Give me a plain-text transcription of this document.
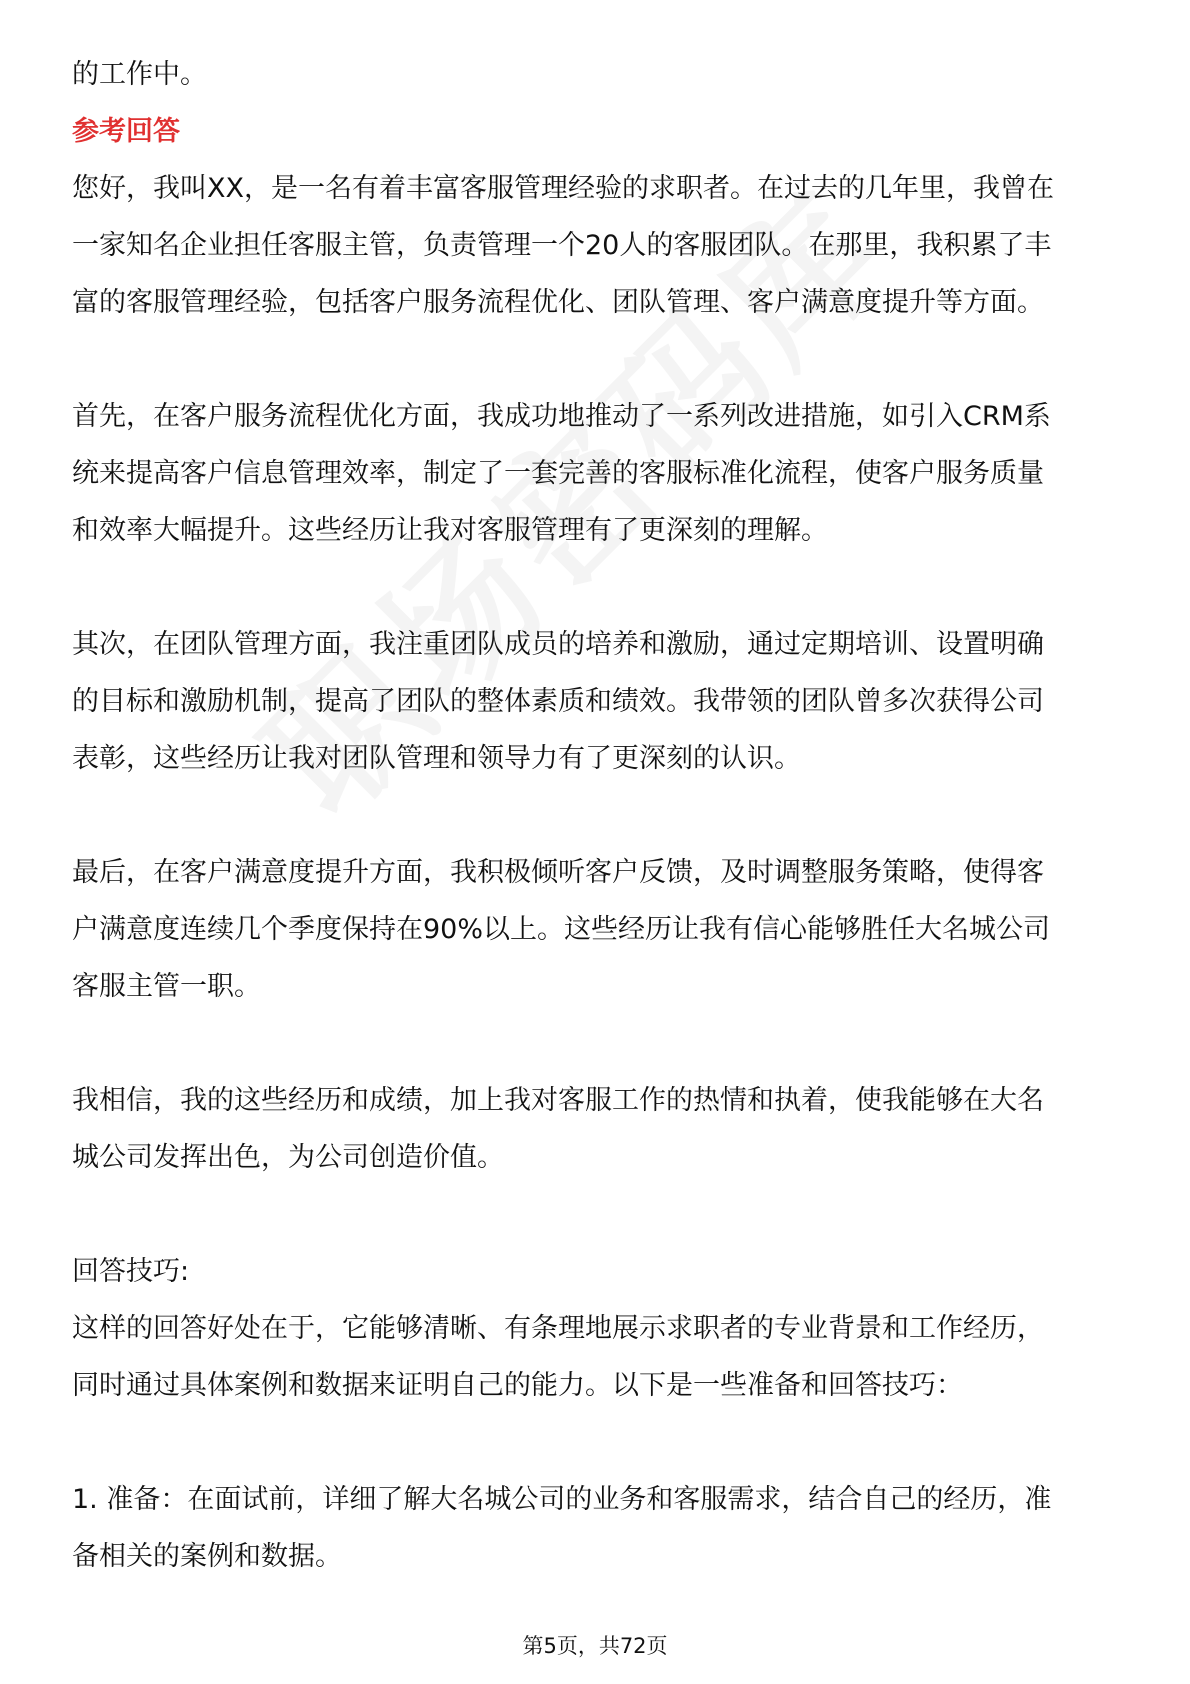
的工作中。

参考回答

您好，我叫XX，是一名有着丰富客服管理经验的求职者。在过去的几年里，我曾在

一家知名企业担任客服主管，负责管理一个20人的客服团队。在那里，我积累了丰

富的客服管理经验，包括客户服务流程优化、团队管理、客户满意度提升等方面。

首先，在客户服务流程优化方面，我成功地推动了一系列改进措施，如引入CRM系

统来提高客户信息管理效率，制定了一套完善的客服标准化流程，使客户服务质量

和效率大幅提升。这些经历让我对客服管理有了更深刻的理解。

其次，在团队管理方面，我注重团队成员的培养和激励，通过定期培训、设置明确

的目标和激励机制，提高了团队的整体素质和绩效。我带领的团队曾多次获得公司

表彰，这些经历让我对团队管理和领导力有了更深刻的认识。

最后，在客户满意度提升方面，我积极倾听客户反馈，及时调整服务策略，使得客

户满意度连续几个季度保持在90%以上。这些经历让我有信心能够胜任大名城公司

客服主管一职。

我相信，我的这些经历和成绩，加上我对客服工作的热情和执着，使我能够在大名

城公司发挥出色，为公司创造价值。

回答技巧:

这样的回答好处在于，它能够清晰、有条理地展示求职者的专业背景和工作经历，

同时通过具体案例和数据来证明自己的能力。以下是一些准备和回答技巧：

1. 准备：在面试前，详细了解大名城公司的业务和客服需求，结合自己的经历，准

备相关的案例和数据。

第5页，共72页
